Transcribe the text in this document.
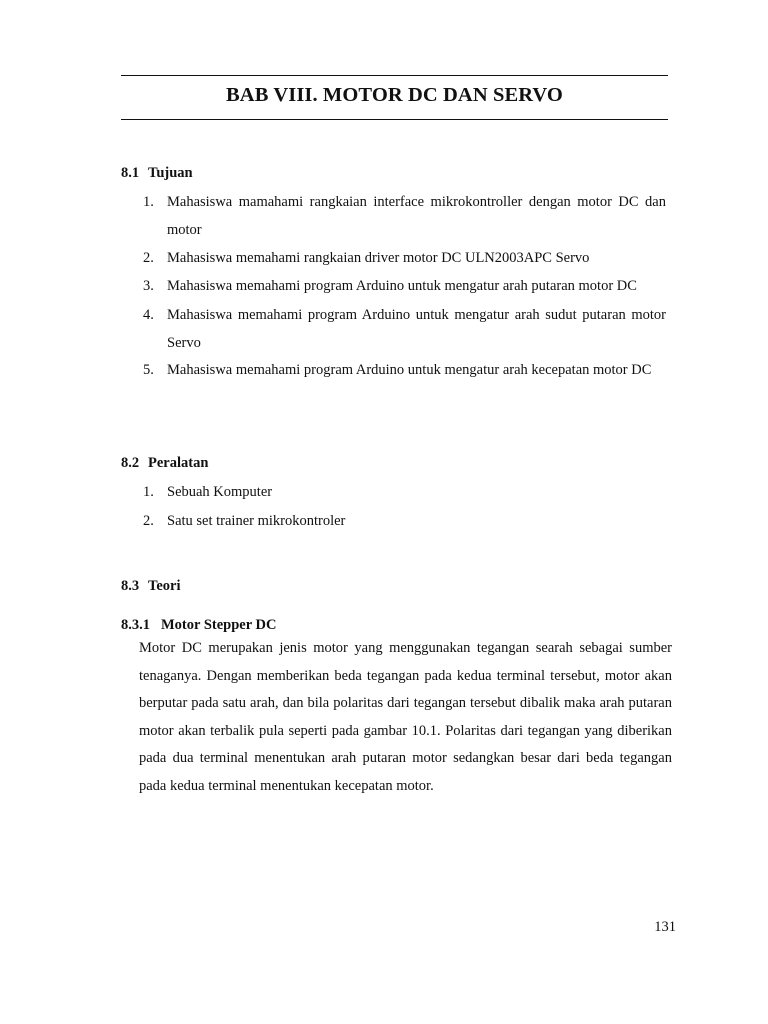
BAB VIII. MOTOR DC DAN SERVO
8.1 Tujuan
1. Mahasiswa mamahami rangkaian interface mikrokontroller dengan motor DC dan motor
2. Mahasiswa memahami rangkaian driver motor DC ULN2003APC Servo
3. Mahasiswa memahami program Arduino untuk mengatur arah putaran motor DC
4. Mahasiswa memahami program Arduino untuk mengatur arah sudut putaran motor Servo
5. Mahasiswa memahami program Arduino untuk mengatur arah kecepatan motor DC
8.2 Peralatan
1. Sebuah Komputer
2. Satu set trainer mikrokontroler
8.3 Teori
8.3.1 Motor Stepper DC
Motor DC merupakan jenis motor yang menggunakan tegangan searah sebagai sumber tenaganya. Dengan memberikan beda tegangan pada kedua terminal tersebut, motor akan berputar pada satu arah, dan bila polaritas dari tegangan tersebut dibalik maka arah putaran motor akan terbalik pula seperti pada gambar 10.1. Polaritas dari tegangan yang diberikan pada dua terminal menentukan arah putaran motor sedangkan besar dari beda tegangan pada kedua terminal menentukan kecepatan motor.
131
